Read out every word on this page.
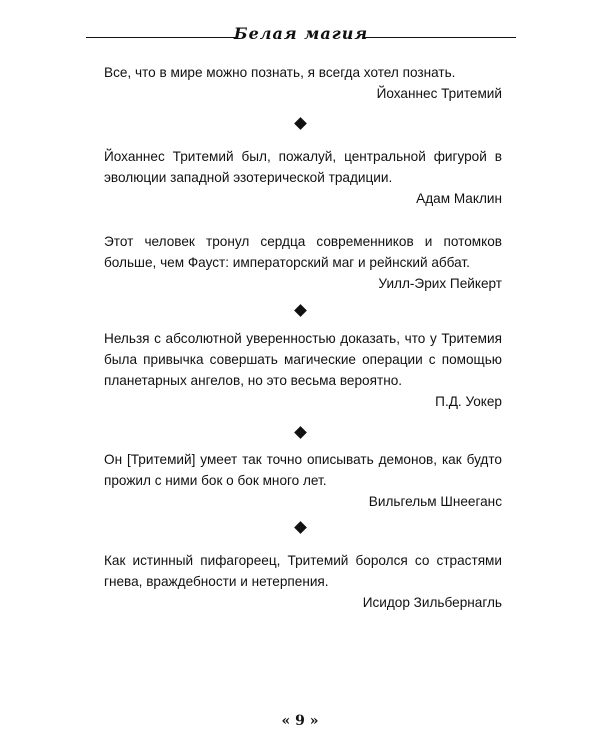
Белая магия

Все, что в мире можно познать, я всегда хотел познать.

Йоханнес Тритемий

Йоханнес Тритемий был, пожалуй, центральной фигурой в эволюции западной эзотерической традиции.

Адам Маклин

Этот человек тронул сердца современников и потомков больше, чем Фауст: императорский маг и рейнский аббат.

Уилл-Эрих Пейкерт

Нельзя с абсолютной уверенностью доказать, что у Тритемия была привычка совершать магические операции с помощью планетарных ангелов, но это весьма вероятно.

П.Д. Уокер

Он [Тритемий] умеет так точно описывать демонов, как будто прожил с ними бок о бок много лет.

Вильгельм Шнееганс

Как истинный пифагореец, Тритемий боролся со страстями гнева, враждебности и нетерпения.

Исидор Зильбернагль

« 9 »
